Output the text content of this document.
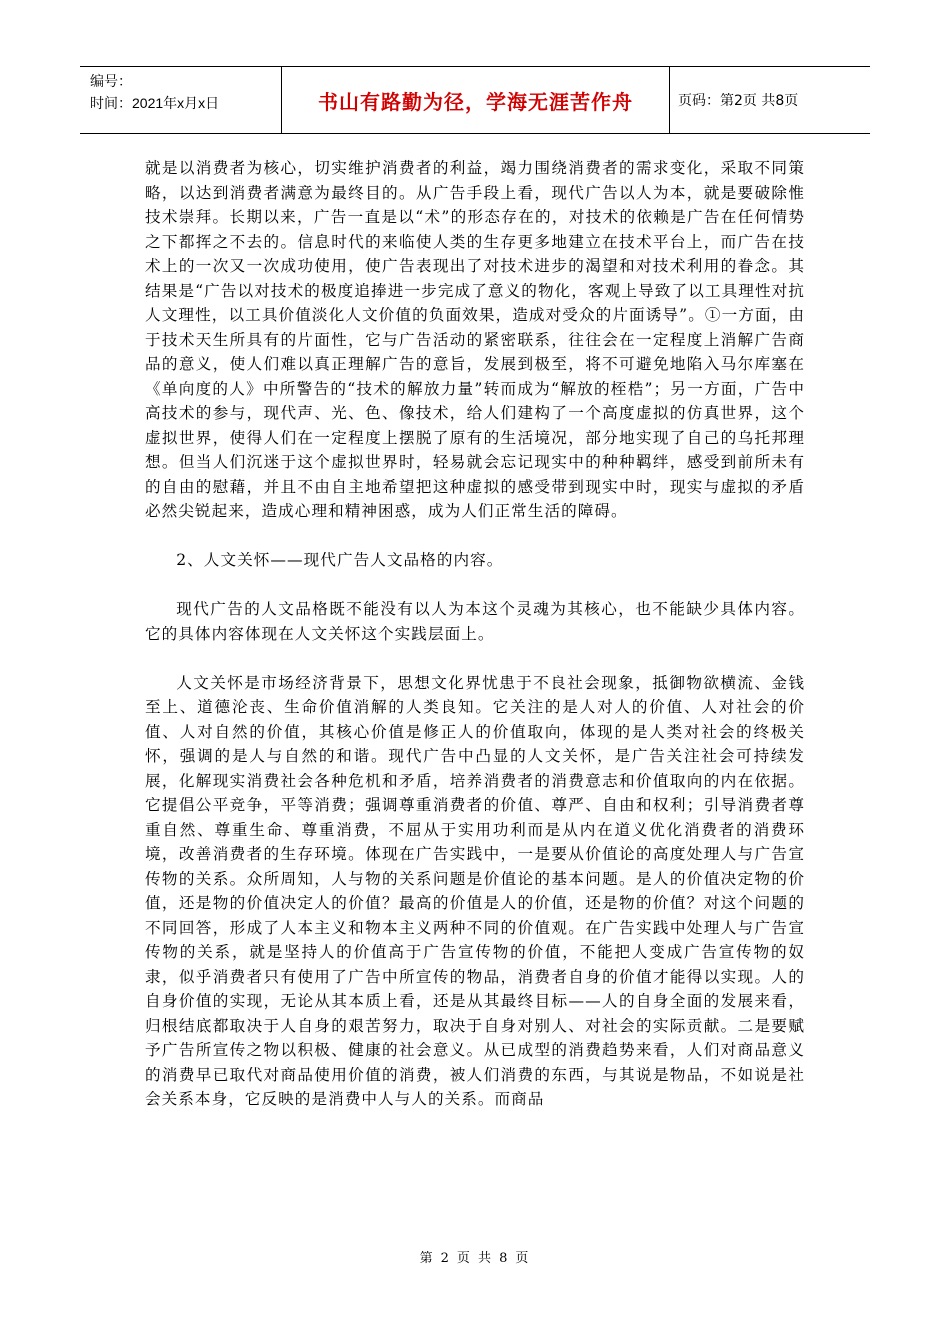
编号：
时间：2021年x月x日	书山有路勤为径，学海无涯苦作舟	页码：第2页 共8页

就是以消费者为核心，切实维护消费者的利益，竭力围绕消费者的需求变化，采取不同策略，以达到消费者满意为最终目的。从广告手段上看，现代广告以人为本，就是要破除惟技术崇拜。长期以来，广告一直是以“术”的形态存在的，对技术的依赖是广告在任何情势之下都挥之不去的。信息时代的来临使人类的生存更多地建立在技术平台上，而广告在技术上的一次又一次成功使用，使广告表现出了对技术进步的渴望和对技术利用的眷念。其结果是“广告以对技术的极度追捧进一步完成了意义的物化，客观上导致了以工具理性对抗人文理性，以工具价值淡化人文价值的负面效果，造成对受众的片面诱导”。①一方面，由于技术天生所具有的片面性，它与广告活动的紧密联系，往往会在一定程度上消解广告商品的意义，使人们难以真正理解广告的意旨，发展到极至，将不可避免地陷入马尔库塞在《单向度的人》中所警告的“技术的解放力量”转而成为“解放的桎梏”；另一方面，广告中高技术的参与，现代声、光、色、像技术，给人们建构了一个高度虚拟的仿真世界，这个虚拟世界，使得人们在一定程度上摆脱了原有的生活境况，部分地实现了自己的乌托邦理想。但当人们沉迷于这个虚拟世界时，轻易就会忘记现实中的种种羁绊，感受到前所未有的自由的慰藉，并且不由自主地希望把这种虚拟的感受带到现实中时，现实与虚拟的矛盾必然尖锐起来，造成心理和精神困惑，成为人们正常生活的障碍。

2、人文关怀——现代广告人文品格的内容。

现代广告的人文品格既不能没有以人为本这个灵魂为其核心，也不能缺少具体内容。它的具体内容体现在人文关怀这个实践层面上。

人文关怀是市场经济背景下，思想文化界忧患于不良社会现象，抵御物欲横流、金钱至上、道德沦丧、生命价值消解的人类良知。它关注的是人对人的价值、人对社会的价值、人对自然的价值，其核心价值是修正人的价值取向，体现的是人类对社会的终极关怀，强调的是人与自然的和谐。现代广告中凸显的人文关怀，是广告关注社会可持续发展，化解现实消费社会各种危机和矛盾，培养消费者的消费意志和价值取向的内在依据。它提倡公平竞争，平等消费；强调尊重消费者的价值、尊严、自由和权利；引导消费者尊重自然、尊重生命、尊重消费，不屈从于实用功利而是从内在道义优化消费者的消费环境，改善消费者的生存环境。体现在广告实践中，一是要从价值论的高度处理人与广告宣传物的关系。众所周知，人与物的关系问题是价值论的基本问题。是人的价值决定物的价值，还是物的价值决定人的价值？最高的价值是人的价值，还是物的价值？对这个问题的不同回答，形成了人本主义和物本主义两种不同的价值观。在广告实践中处理人与广告宣传物的关系，就是坚持人的价值高于广告宣传物的价值，不能把人变成广告宣传物的奴隶，似乎消费者只有使用了广告中所宣传的物品，消费者自身的价值才能得以实现。人的自身价值的实现，无论从其本质上看，还是从其最终目标——人的自身全面的发展来看，归根结底都取决于人自身的艰苦努力，取决于自身对别人、对社会的实际贡献。二是要赋予广告所宣传之物以积极、健康的社会意义。从已成型的消费趋势来看，人们对商品意义的消费早已取代对商品使用价值的消费，被人们消费的东西，与其说是物品，不如说是社会关系本身，它反映的是消费中人与人的关系。而商品

第 2 页 共 8 页
